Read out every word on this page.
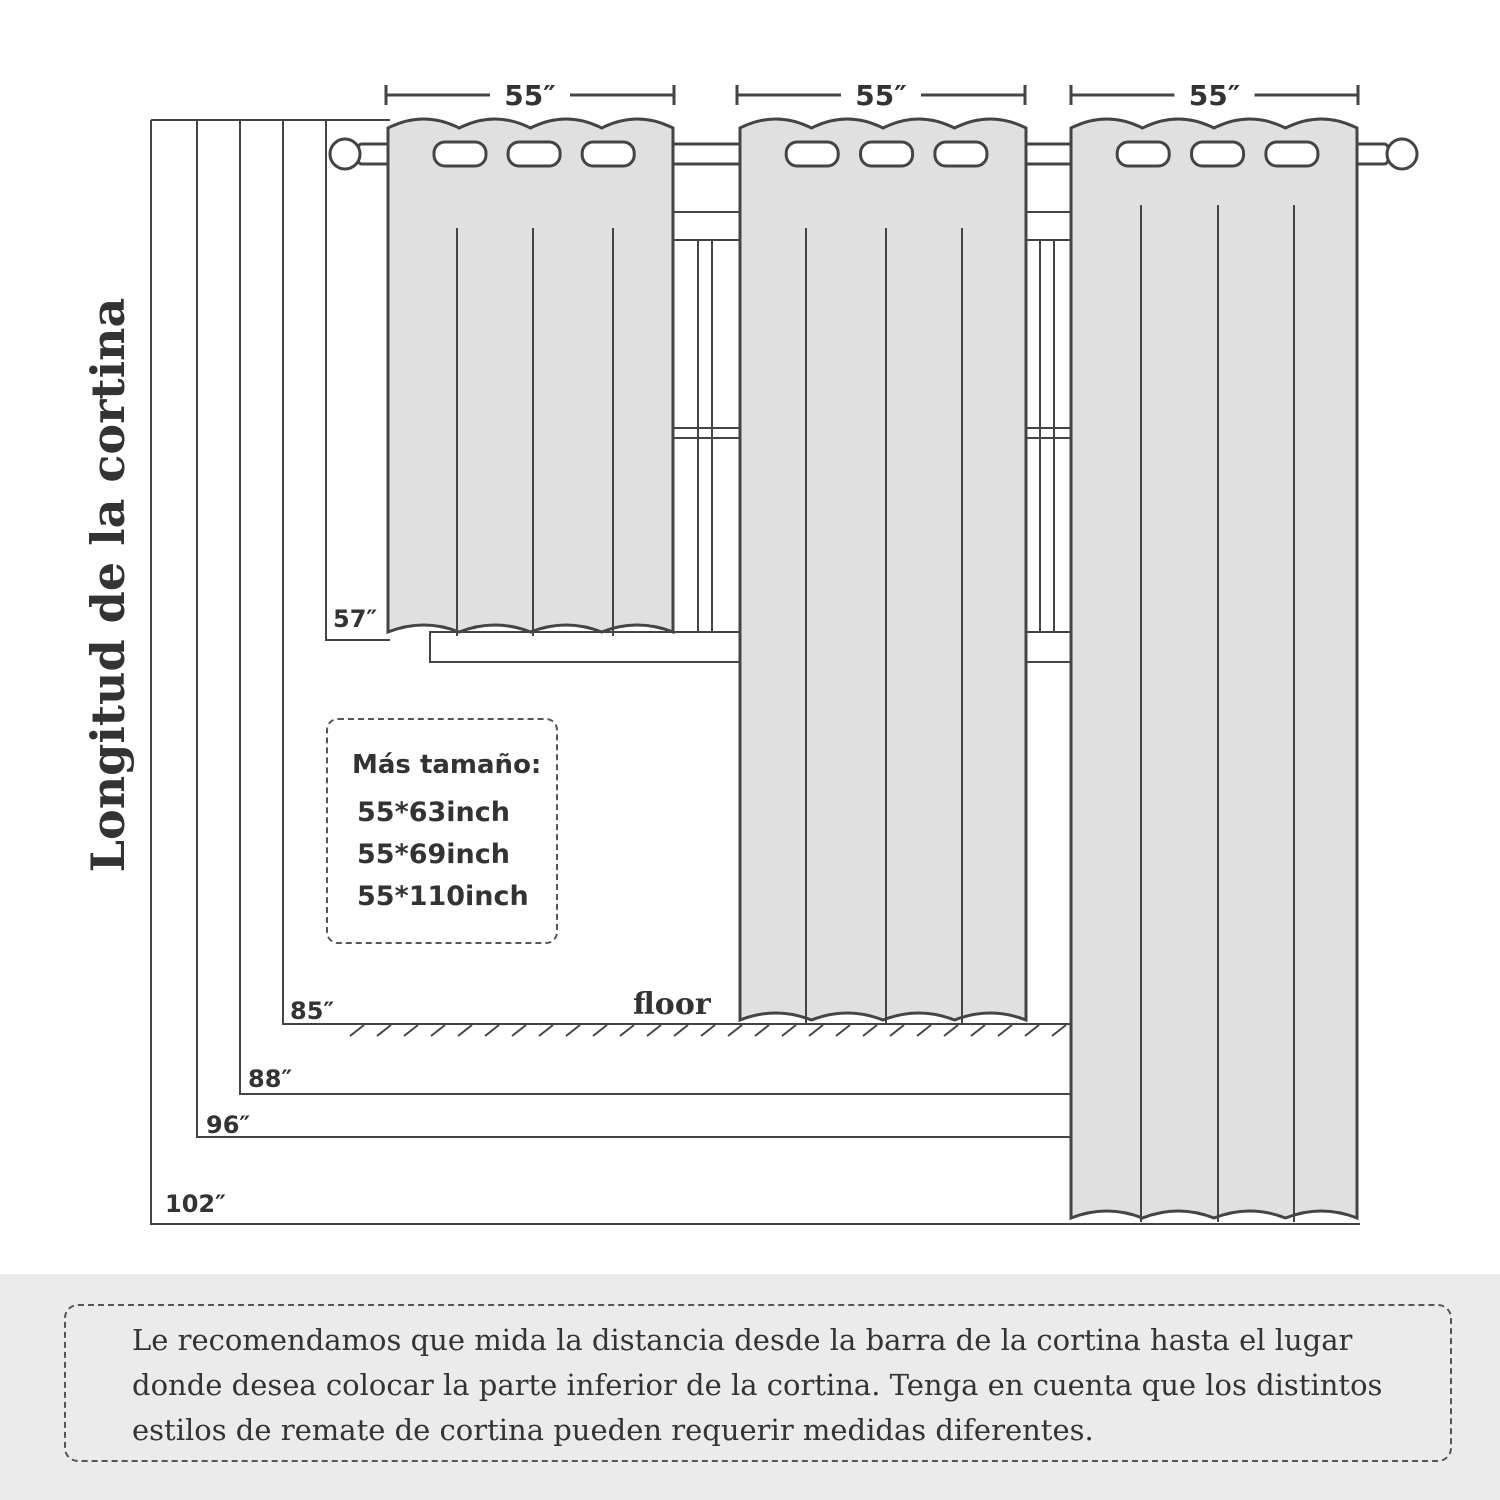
Longitud de la cortina
55″	55″	55″
57″
85″
88″
96″
102″
floor
Más tamaño:
55*63inch
55*69inch
55*110inch
Le recomendamos que mida la distancia desde la barra de la cortina hasta el lugar donde desea colocar la parte inferior de la cortina. Tenga en cuenta que los distintos estilos de remate de cortina pueden requerir medidas diferentes.
